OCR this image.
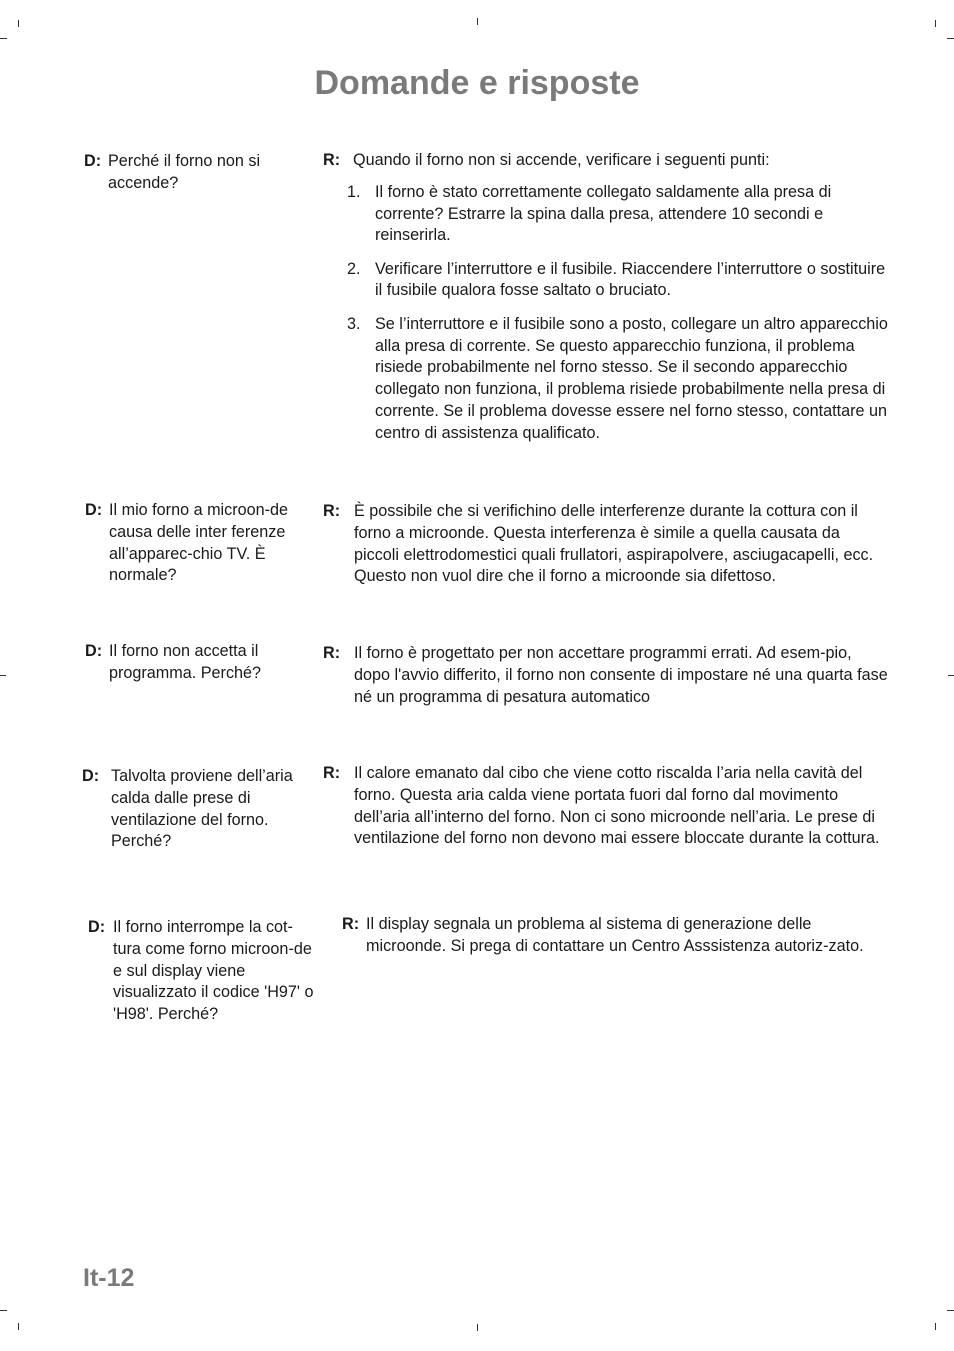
Domande e risposte
D: Perché il forno non si accende?
R: Quando il forno non si accende, verificare i seguenti punti:
1. Il forno è stato correttamente collegato saldamente alla presa di corrente? Estrarre la spina dalla presa, attendere 10 secondi e reinserirla.
2. Verificare l’interruttore e il fusibile. Riaccendere l’interruttore o sostituire il fusibile qualora fosse saltato o bruciato.
3. Se l’interruttore e il fusibile sono a posto, collegare un altro apparecchio alla presa di corrente. Se questo apparecchio funziona, il problema risiede probabilmente nel forno stesso. Se il secondo apparecchio collegato non funziona, il problema risiede probabilmente nella presa di corrente. Se il problema dovesse essere nel forno stesso, contattare un centro di assistenza qualificato.
D: Il mio forno a microon-de causa delle inter ferenze all’apparec-chio TV. È normale?
R: È possibile che si verifichino delle interferenze durante la cottura con il forno a microonde. Questa interferenza è simile a quella causata da piccoli elettrodomestici quali frullatori, aspirapolvere, asciugacapelli, ecc. Questo non vuol dire che il forno a microonde sia difettoso.
D: Il forno non accetta il programma. Perché?
R: Il forno è progettato per non accettare programmi errati. Ad esem-pio, dopo l'avvio differito, il forno non consente di impostare né una quarta fase né un programma di pesatura automatico
D: Talvolta proviene dell’aria calda dalle prese di ventilazione del forno. Perché?
R: Il calore emanato dal cibo che viene cotto riscalda l’aria nella cavità del forno. Questa aria calda viene portata fuori dal forno dal movimento dell’aria all’interno del forno. Non ci sono microonde nell’aria. Le prese di ventilazione del forno non devono mai essere bloccate durante la cottura.
D: Il forno interrompe la cot-tura come forno microon-de e sul display viene visualizzato il codice 'H97' o 'H98'. Perché?
R: Il display segnala un problema al sistema di generazione delle microonde. Si prega di contattare un Centro Asssistenza autoriz-zato.
It-12
